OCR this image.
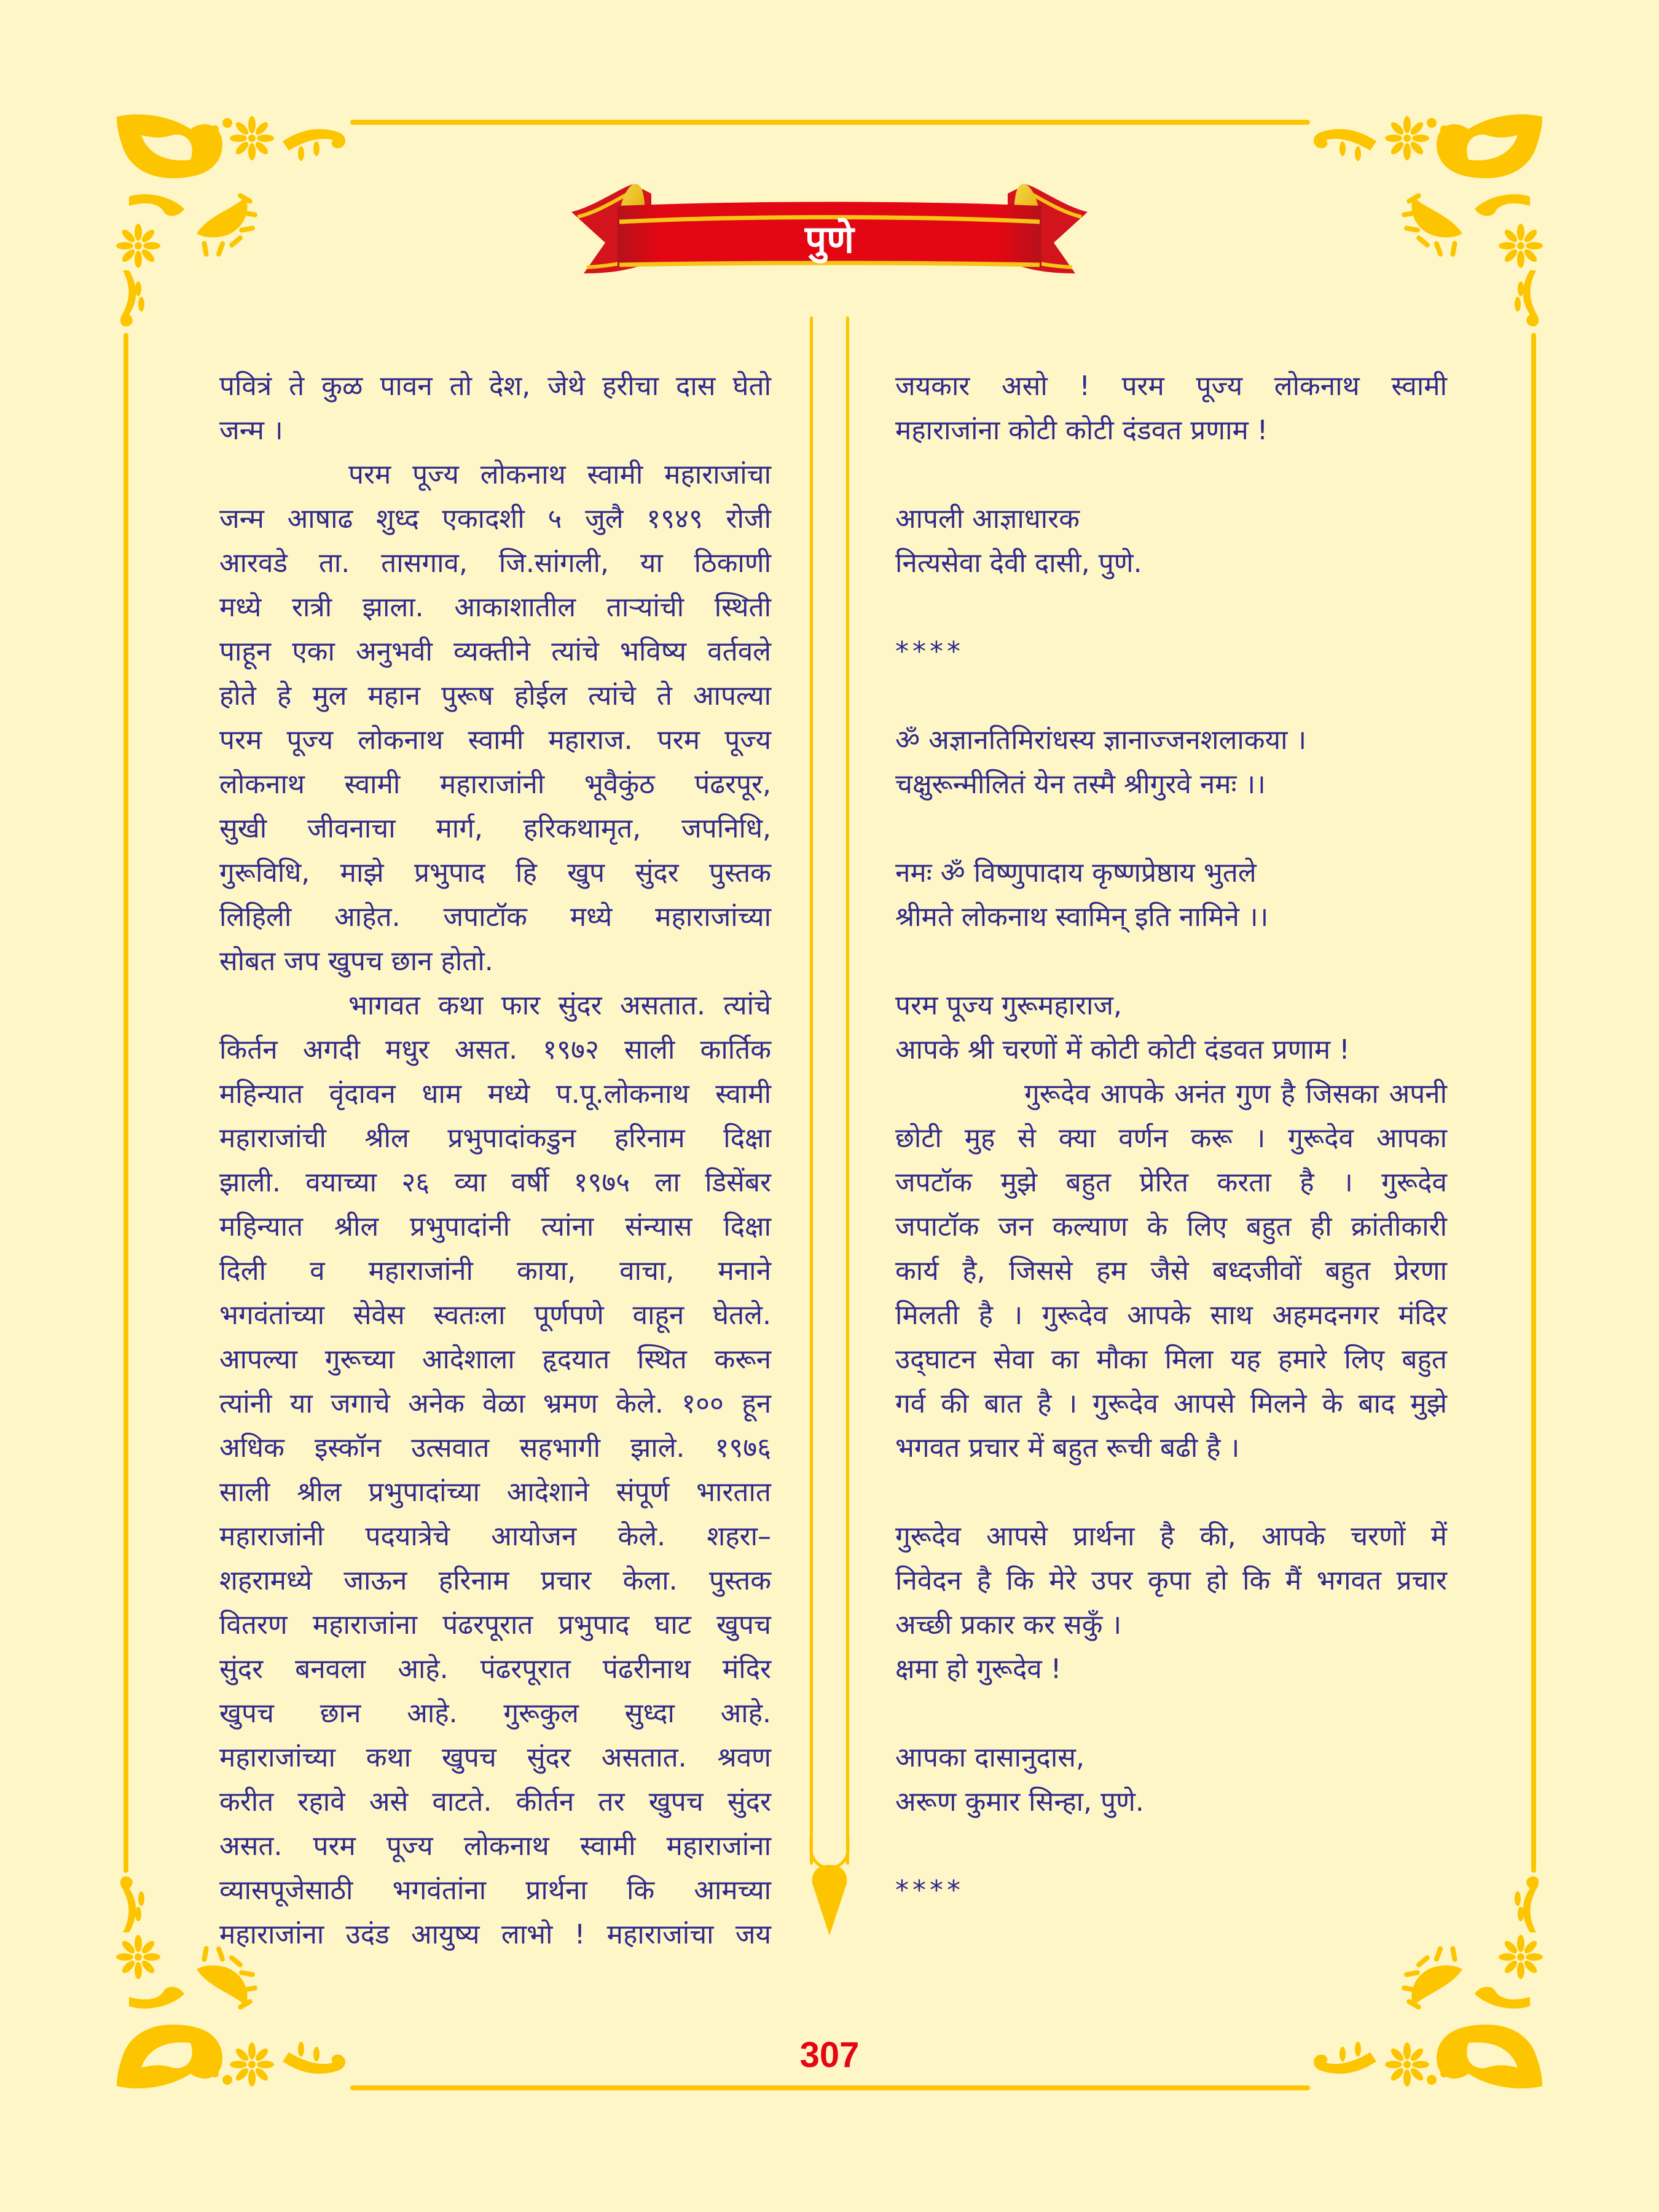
पुणे
पवित्रं ते कुळ पावन तो देश, जेथे हरीचा दास घेतो
जन्म ।
परम पूज्य लोकनाथ स्वामी महाराजांचा
जन्म आषाढ शुध्द एकादशी ५ जुलै १९४९ रोजी
आरवडे ता. तासगाव, जि.सांगली, या ठिकाणी
मध्ये रात्री झाला. आकाशातील ताऱ्यांची स्थिती
पाहून एका अनुभवी व्यक्तीने त्यांचे भविष्य वर्तवले
होते हे मुल महान पुरूष होईल त्यांचे ते आपल्या
परम पूज्य लोकनाथ स्वामी महाराज. परम पूज्य
लोकनाथ स्वामी महाराजांनी भूवैकुंठ पंढरपूर,
सुखी जीवनाचा मार्ग, हरिकथामृत, जपनिधि,
गुरूविधि, माझे प्रभुपाद हि खुप सुंदर पुस्तक
लिहिली आहेत. जपाटॉक मध्ये महाराजांच्या
सोबत जप खुपच छान होतो.
भागवत कथा फार सुंदर असतात. त्यांचे
किर्तन अगदी मधुर असत. १९७२ साली कार्तिक
महिन्यात वृंदावन धाम मध्ये प.पू.लोकनाथ स्वामी
महाराजांची श्रील प्रभुपादांकडुन हरिनाम दिक्षा
झाली. वयाच्या २६ व्या वर्षी १९७५ ला डिसेंबर
महिन्यात श्रील प्रभुपादांनी त्यांना संन्यास दिक्षा
दिली व महाराजांनी काया, वाचा, मनाने
भगवंतांच्या सेवेस स्वतःला पूर्णपणे वाहून घेतले.
आपल्या गुरूच्या आदेशाला हृदयात स्थित करून
त्यांनी या जगाचे अनेक वेळा भ्रमण केले. १०० हून
अधिक इस्कॉन उत्सवात सहभागी झाले. १९७६
साली श्रील प्रभुपादांच्या आदेशाने संपूर्ण भारतात
महाराजांनी पदयात्रेचे आयोजन केले. शहरा–
शहरामध्ये जाऊन हरिनाम प्रचार केला. पुस्तक
वितरण महाराजांना पंढरपूरात प्रभुपाद घाट खुपच
सुंदर बनवला आहे. पंढरपूरात पंढरीनाथ मंदिर
खुपच छान आहे. गुरूकुल सुध्दा आहे.
महाराजांच्या कथा खुपच सुंदर असतात. श्रवण
करीत रहावे असे वाटते. कीर्तन तर खुपच सुंदर
असत. परम पूज्य लोकनाथ स्वामी महाराजांना
व्यासपूजेसाठी भगवंतांना प्रार्थना कि आमच्या
महाराजांना उदंड आयुष्य लाभो ! महाराजांचा जय
जयकार असो ! परम पूज्य लोकनाथ स्वामी
महाराजांना कोटी कोटी दंडवत प्रणाम !
आपली आज्ञाधारक
नित्यसेवा देवी दासी, पुणे.
****
ॐ अज्ञानतिमिरांधस्य ज्ञानाज्जनशलाकया ।
चक्षुरून्मीलितं येन तस्मै श्रीगुरवे नमः ।।
नमः ॐ विष्णुपादाय कृष्णप्रेष्ठाय भुतले
श्रीमते लोकनाथ स्वामिन् इति नामिने ।।
परम पूज्य गुरूमहाराज,
आपके श्री चरणों में कोटी कोटी दंडवत प्रणाम !
गुरूदेव आपके अनंत गुण है जिसका अपनी
छोटी मुह से क्या वर्णन करू । गुरूदेव आपका
जपटॉक मुझे बहुत प्रेरित करता है । गुरूदेव
जपाटॉक जन कल्याण के लिए बहुत ही क्रांतीकारी
कार्य है, जिससे हम जैसे बध्दजीवों बहुत प्रेरणा
मिलती है । गुरूदेव आपके साथ अहमदनगर मंदिर
उद्‌घाटन सेवा का मौका मिला यह हमारे लिए बहुत
गर्व की बात है । गुरूदेव आपसे मिलने के बाद मुझे
भगवत प्रचार में बहुत रूची बढी है ।
गुरूदेव आपसे प्रार्थना है की, आपके चरणों में
निवेदन है कि मेरे उपर कृपा हो कि मैं भगवत प्रचार
अच्छी प्रकार कर सकुँ ।
क्षमा हो गुरूदेव !
आपका दासानुदास,
अरूण कुमार सिन्हा, पुणे.
****
307
